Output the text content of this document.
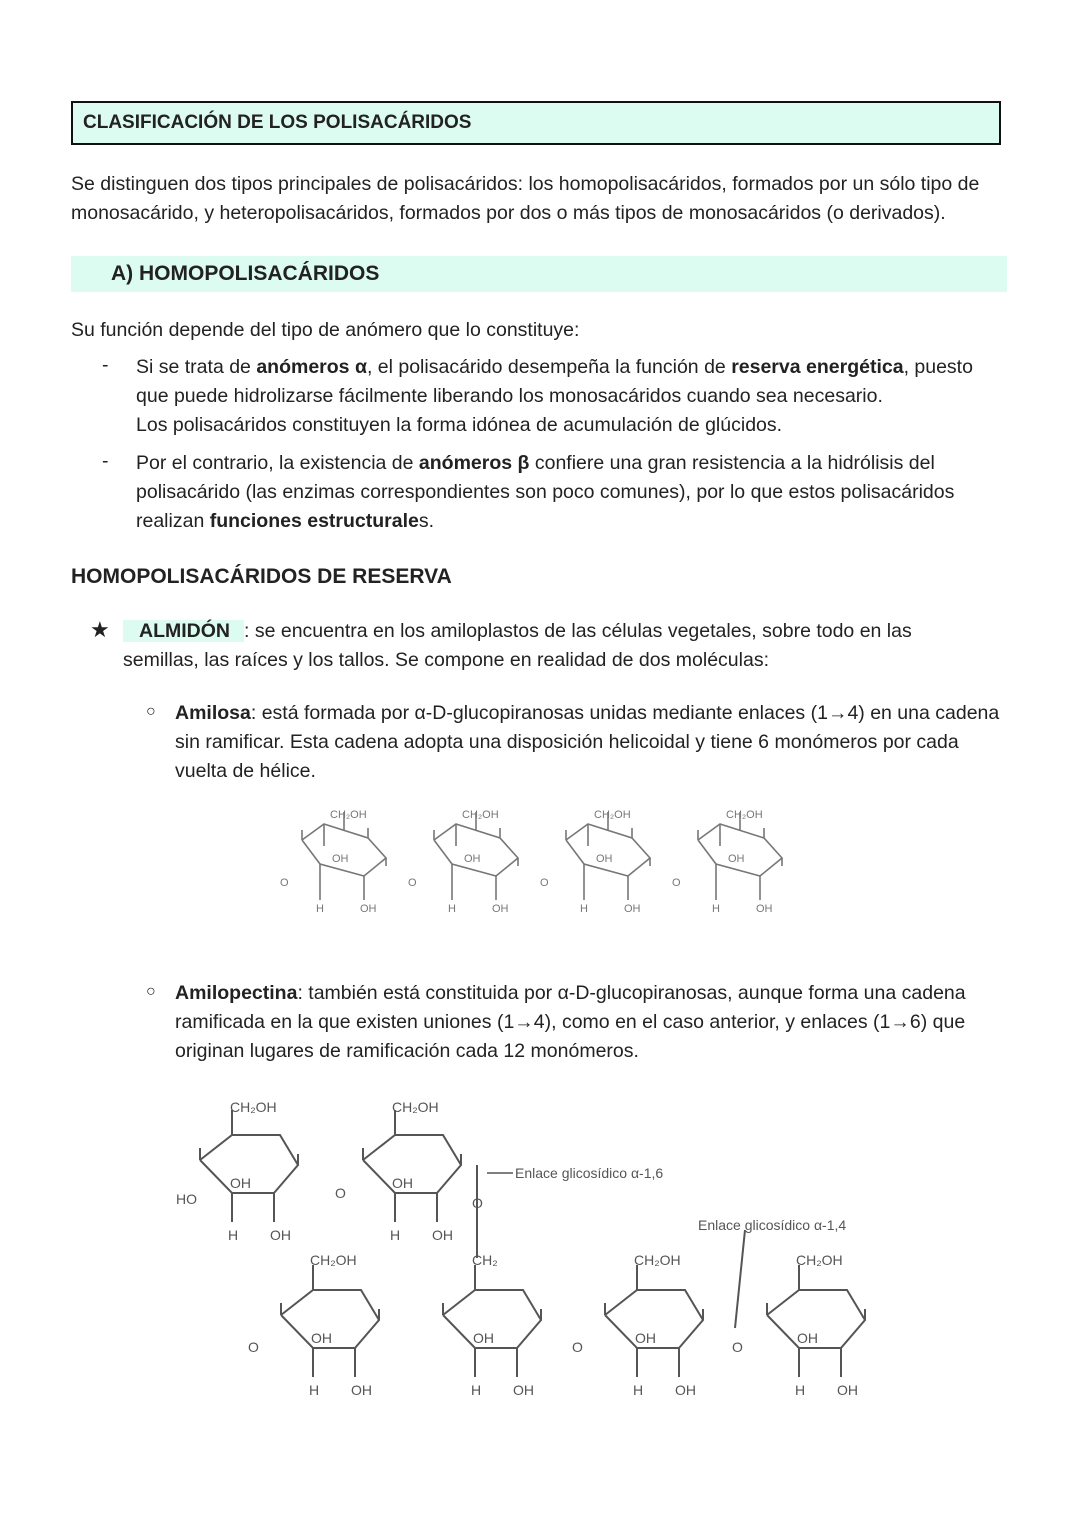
CLASIFICACIÓN DE LOS POLISACÁRIDOS
Se distinguen dos tipos principales de polisacáridos: los homopolisacáridos, formados por un sólo tipo de monosacárido, y heteropolisacáridos, formados por dos o más tipos de monosacáridos (o derivados).
A) HOMOPOLISACÁRIDOS
Su función depende del tipo de anómero que lo constituye:
- Si se trata de anómeros α, el polisacárido desempeña la función de reserva energética, puesto que puede hidrolizarse fácilmente liberando los monosacáridos cuando sea necesario.
Los polisacáridos constituyen la forma idónea de acumulación de glúcidos.
- Por el contrario, la existencia de anómeros β confiere una gran resistencia a la hidrólisis del polisacárido (las enzimas correspondientes son poco comunes), por lo que estos polisacáridos realizan funciones estructurales.
HOMOPOLISACÁRIDOS DE RESERVA
★	ALMIDÓN : se encuentra en los amiloplastos de las células vegetales, sobre todo en las
semillas, las raíces y los tallos. Se compone en realidad de dos moléculas:
○ Amilosa: está formada por α-D-glucopiranosas unidas mediante enlaces (1→4) en una cadena sin ramificar. Esta cadena adopta una disposición helicoidal y tiene 6 monómeros por cada vuelta de hélice.
CH₂OH	CH₂OH	CH₂OH	CH₂OH
OH	OH	OH	OH
H	OH	H	OH	H	OH	H	OH
O	O	O
O
○ Amilopectina: también está constituida por α-D-glucopiranosas, aunque forma una cadena ramificada en la que existen uniones (1→4), como en el caso anterior, y enlaces (1→6) que originan lugares de ramificación cada 12 monómeros.
CH₂OH	CH₂OH
CH₂OH	CH₂	CH₂OH	CH₂OH
HO
OH	OH
OH	OH	OH	OH
O
O
O	O	O
Enlace glicosídico α-1,6
Enlace glicosídico α-1,4
H OH	H OH
H OH	H OH	H OH	H OH
